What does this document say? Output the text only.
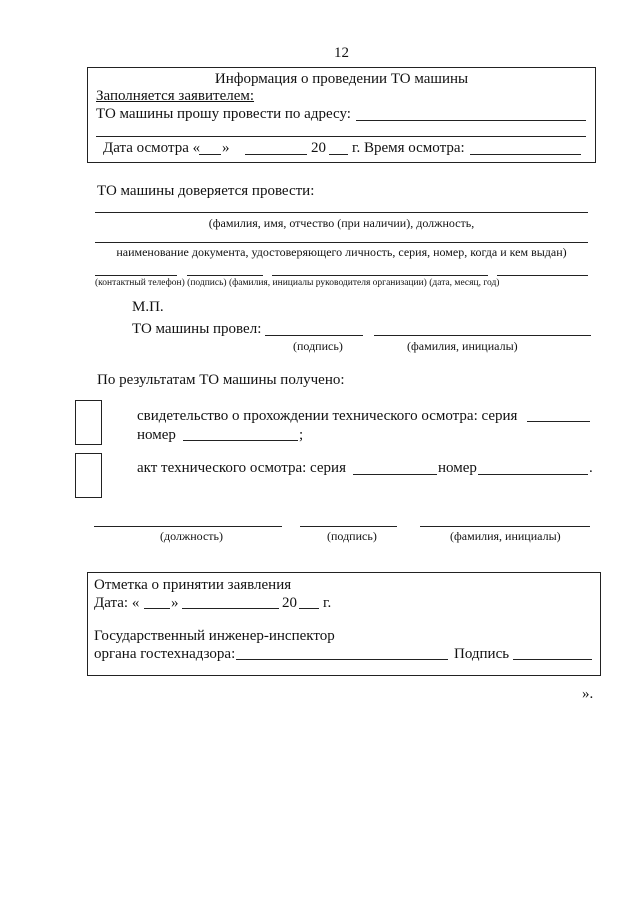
12
Информация о проведении ТО машины
Заполняется заявителем:
ТО машины прошу провести по адресу:
Дата осмотра « »	20 г. Время осмотра:
ТО машины доверяется провести:
(фамилия, имя, отчество (при наличии), должность,
наименование документа, удостоверяющего личность, серия, номер, когда и кем выдан)
(контактный телефон) (подпись) (фамилия, инициалы руководителя организации) (дата, месяц, год)
М.П.
ТО машины провел:
(подпись)	(фамилия, инициалы)
По результатам ТО машины получено:
свидетельство о прохождении технического осмотра: серия
номер	;
акт технического осмотра: серия	номер	.
(должность)	(подпись)	(фамилия, инициалы)
Отметка о принятии заявления
Дата: « »	20 г.
Государственный инженер-инспектор
органа гостехнадзора:	Подпись
».
